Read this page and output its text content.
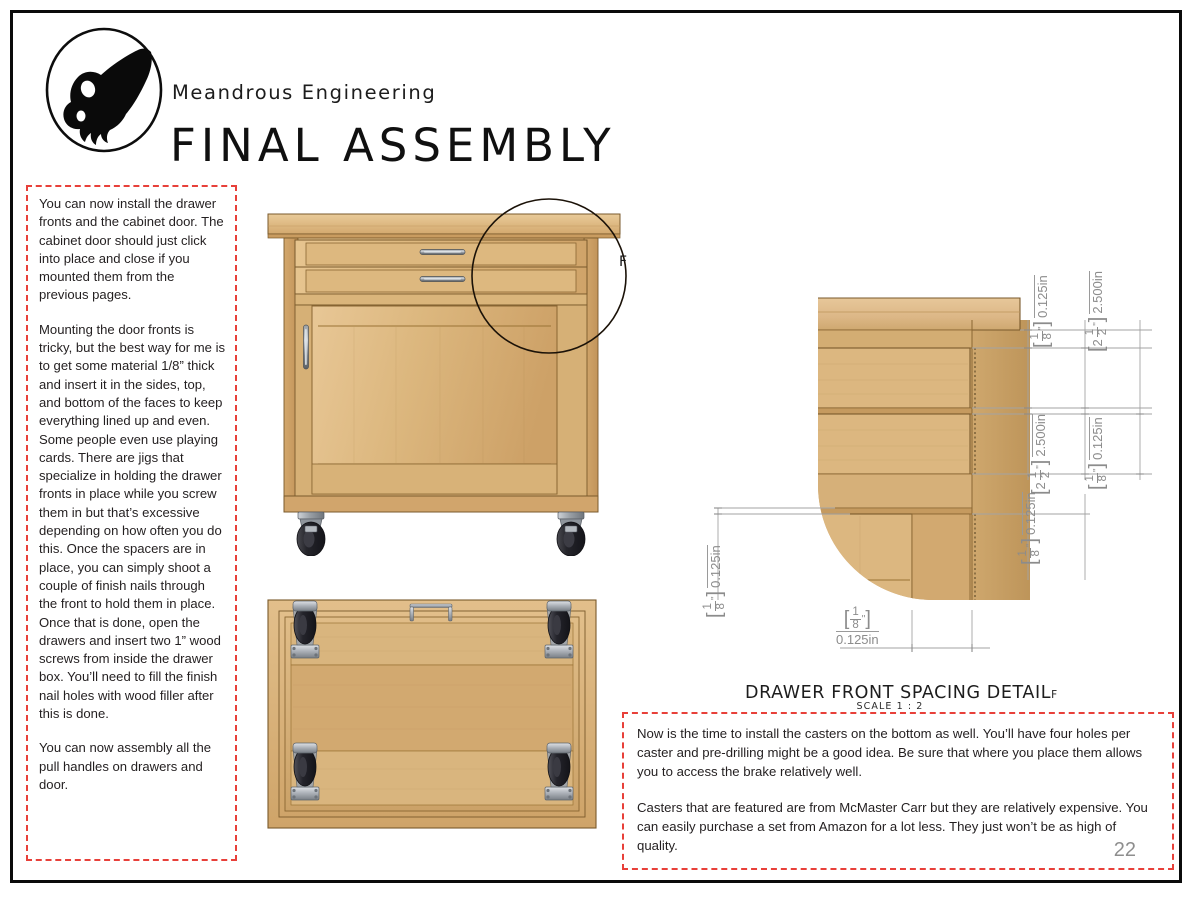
Meandrous Engineering
FINAL ASSEMBLY

You can now install the drawer fronts and the cabinet door. The cabinet door should just click into place and close if you mounted them from the previous pages.

Mounting the door fronts is tricky, but the best way for me is to get some material 1/8” thick and insert it in the sides, top, and bottom of the faces to keep everything lined up and even. Some people even use playing cards. There are jigs that specialize in holding the drawer fronts in place while you screw them in but that’s excessive depending on how often you do this. Once the spacers are in place, you can simply shoot a couple of finish nails through the front to hold them in place. Once that is done, open the drawers and insert two 1” wood screws from inside the drawer box. You’ll need to fill the finish nail holes with wood filler after this is done.

You can now assembly all the pull handles on drawers and door.

Now is the time to install the casters on the bottom as well. You’ll have four holes per caster and pre-drilling might be a good idea. Be sure that where you place them allows you to access the brake relatively well.

Casters that are featured are from McMaster Carr but they are relatively expensive. You can easily purchase a set from Amazon for a lot less. They just won’t be as high of quality.	22
F
[
1 8
"
]
0.125in
[
2
1 2
"
]
2.500in
[
2
1 2
"
]
2.500in
[
1 8
"
]
0.125in
[
1 8
"
]
0.125in
[
1 8
"
]
0.125in
[ $\frac{1}{8}$ " ]
0.125in
DRAWER FRONT SPACING DETAILF
SCALE 1 : 2
